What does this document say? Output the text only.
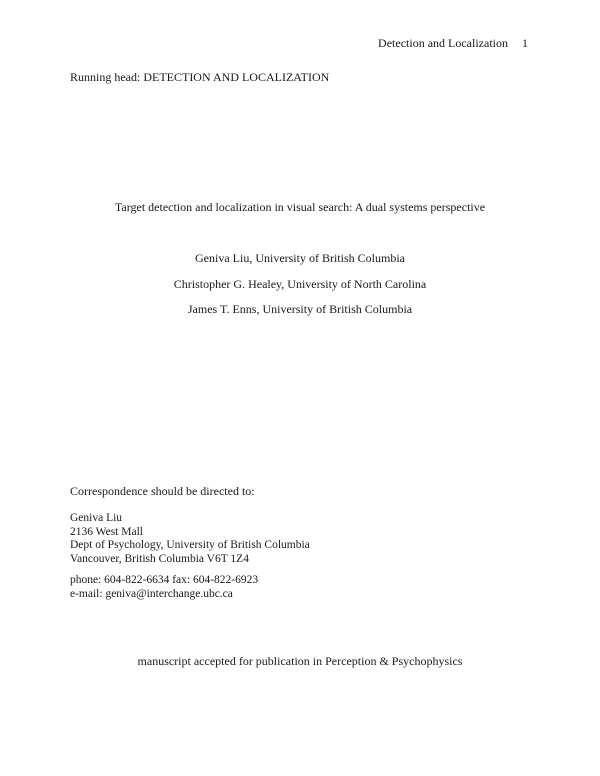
Detection and Localization 1
Running head: DETECTION AND LOCALIZATION
Target detection and localization in visual search: A dual systems perspective
Geniva Liu, University of British Columbia
Christopher G. Healey, University of North Carolina
James T. Enns, University of British Columbia
Correspondence should be directed to:
Geniva Liu
2136 West Mall
Dept of Psychology, University of British Columbia
Vancouver, British Columbia V6T 1Z4
phone: 604-822-6634 fax: 604-822-6923
e-mail: geniva@interchange.ubc.ca
manuscript accepted for publication in Perception & Psychophysics
